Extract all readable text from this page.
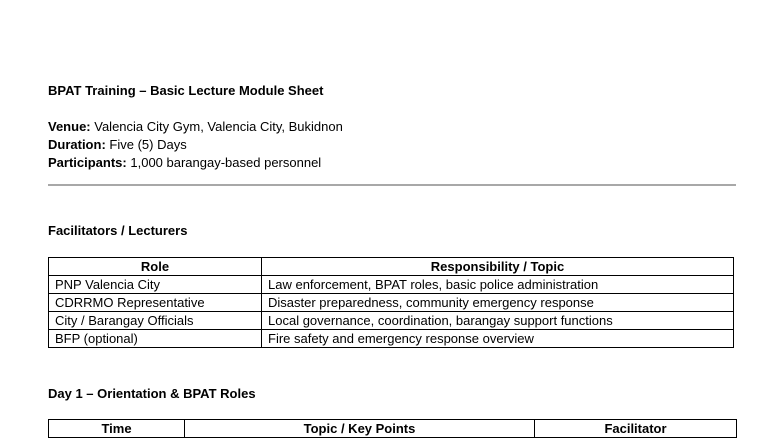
BPAT Training – Basic Lecture Module Sheet
Venue: Valencia City Gym, Valencia City, Bukidnon
Duration: Five (5) Days
Participants: 1,000 barangay-based personnel
Facilitators / Lecturers
Role	Responsibility / Topic
PNP Valencia City	Law enforcement, BPAT roles, basic police administration
CDRRMO Representative	Disaster preparedness, community emergency response
City / Barangay Officials	Local governance, coordination, barangay support functions
BFP (optional)	Fire safety and emergency response overview
Day 1 – Orientation & BPAT Roles
Time	Topic / Key Points	Facilitator
